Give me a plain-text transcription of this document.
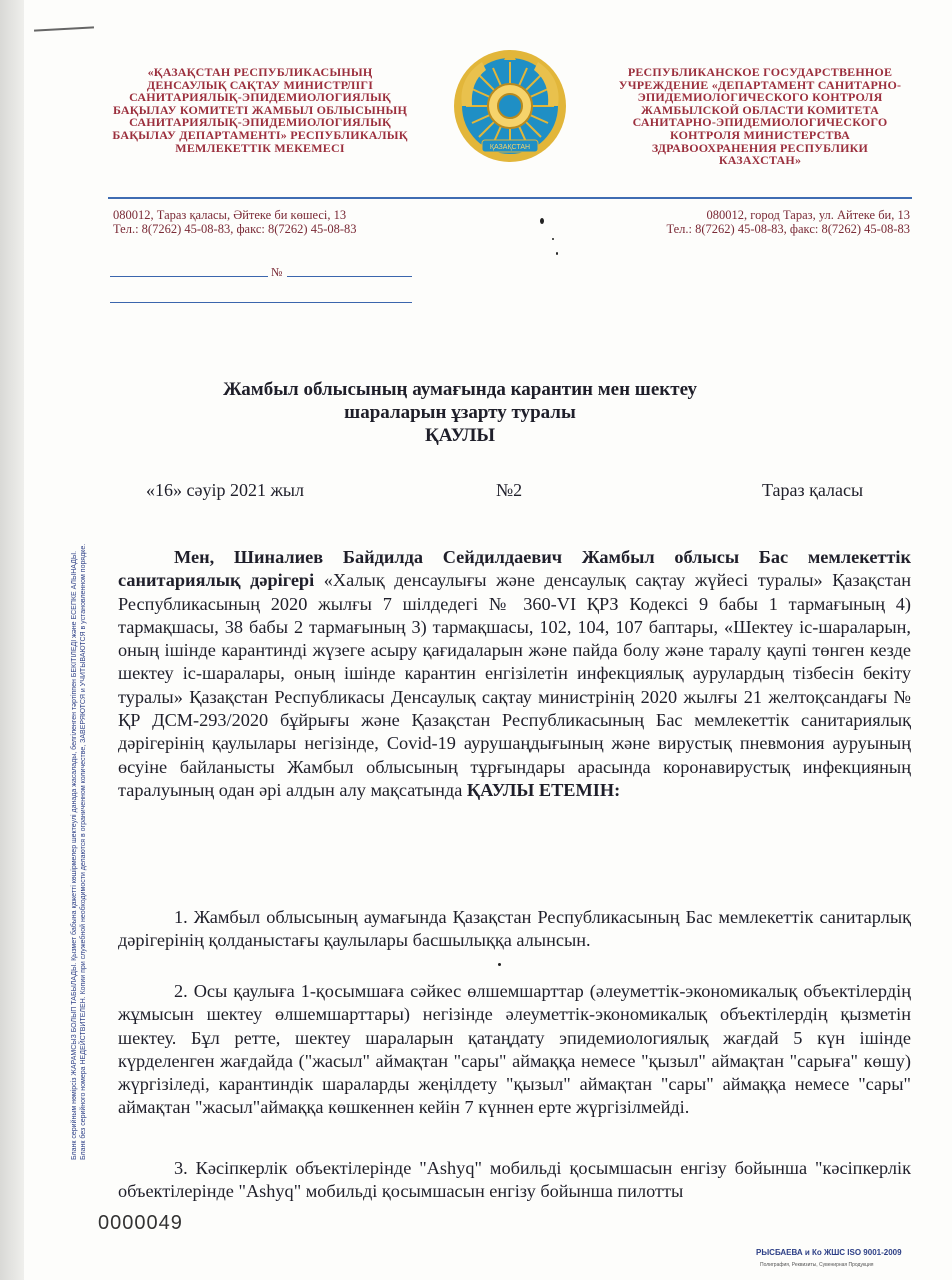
«ҚАЗАҚСТАН РЕСПУБЛИКАСЫНЫҢ ДЕНСАУЛЫҚ САҚТАУ МИНИСТРЛІГІ САНИТАРИЯЛЫҚ-ЭПИДЕМИОЛОГИЯЛЫҚ БАҚЫЛАУ КОМИТЕТІ ЖАМБЫЛ ОБЛЫСЫНЫҢ САНИТАРИЯЛЫҚ-ЭПИДЕМИОЛОГИЯЛЫҚ БАҚЫЛАУ ДЕПАРТАМЕНТІ» РЕСПУБЛИКАЛЫҚ МЕМЛЕКЕТТІК МЕКЕМЕСІ
РЕСПУБЛИКАНСКОЕ ГОСУДАРСТВЕННОЕ УЧРЕЖДЕНИЕ «ДЕПАРТАМЕНТ САНИТАРНО-ЭПИДЕМИОЛОГИЧЕСКОГО КОНТРОЛЯ ЖАМБЫЛСКОЙ ОБЛАСТИ КОМИТЕТА САНИТАРНО-ЭПИДЕМИОЛОГИЧЕСКОГО КОНТРОЛЯ МИНИСТЕРСТВА ЗДРАВООХРАНЕНИЯ РЕСПУБЛИКИ КАЗАХСТАН»
ҚАЗАҚСТАН
080012, Тараз қаласы, Әйтеке би көшесі, 13
Тел.: 8(7262) 45-08-83, факс: 8(7262) 45-08-83
080012, город Тараз, ул. Айтеке би, 13
Тел.: 8(7262) 45-08-83, факс: 8(7262) 45-08-83
№
Бланк серийным нөмірсіз ЖАРАМСЫЗ БОЛЫП ТАБЫЛАДЫ. Қызмет бабына қажетті көшірмелер шектеулі данада жасалады, белгіленген тәртіппен БЕКІТІЛЕДІ және ЕСЕПКЕ АЛЫНАДЫ. Бланк без серийного номера НЕДЕЙСТВИТЕЛЕН. Копии при служебной необходимости делаются в ограниченном количестве, ЗАВЕРЯЮТСЯ и УЧИТЫВАЮТСЯ в установленном порядке.
Жамбыл облысының аумағында карантин мен шектеу
шараларын ұзарту туралы
ҚАУЛЫ
«16» сәуір 2021 жыл	№2	Тараз қаласы
Мен, Шиналиев Байдилда Сейдилдаевич Жамбыл облысы Бас мемлекеттік санитариялық дәрігері «Халық денсаулығы және денсаулық сақтау жүйесі туралы» Қазақстан Республикасының 2020 жылғы 7 шілдедегі № 360-VI ҚРЗ Кодексі 9 бабы 1 тармағының 4) тармақшасы, 38 бабы 2 тармағының 3) тармақшасы, 102, 104, 107 баптары, «Шектеу іс-шараларын, оның ішінде карантинді жүзеге асыру қағидаларын және пайда болу және таралу қаупі төнген кезде шектеу іс-шаралары, оның ішінде карантин енгізілетін инфекциялық аурулардың тізбесін бекіту туралы» Қазақстан Республикасы Денсаулық сақтау министрінің 2020 жылғы 21 желтоқсандағы № ҚР ДСМ-293/2020 бұйрығы және Қазақстан Республикасының Бас мемлекеттік санитариялық дәрігерінің қаулылары негізінде, Covid-19 аурушаңдығының және вирустық пневмония ауруының өсуіне байланысты Жамбыл облысының тұрғындары арасында коронавирустық инфекцияның таралуының одан әрі алдын алу мақсатында ҚАУЛЫ ЕТЕМІН:
1. Жамбыл облысының аумағында Қазақстан Республикасының Бас мемлекеттік санитарлық дәрігерінің қолданыстағы қаулылары басшылыққа алынсын.
2. Осы қаулыға 1-қосымшаға сәйкес өлшемшарттар (әлеуметтік-экономикалық объектілердің жұмысын шектеу өлшемшарттары) негізінде әлеуметтік-экономикалық объектілердің қызметін шектеу. Бұл ретте, шектеу шараларын қатаңдату эпидемиологиялық жағдай 5 күн ішінде күрделенген жағдайда ("жасыл" аймақтан "сары" аймаққа немесе "қызыл" аймақтан "сарыға" көшу) жүргізіледі, карантиндік шараларды жеңілдету "қызыл" аймақтан "сары" аймаққа немесе "сары" аймақтан "жасыл"аймаққа көшкеннен кейін 7 күннен ерте жүргізілмейді.
3. Кәсіпкерлік объектілерінде "Ashyq" мобильді қосымшасын енгізу бойынша "кәсіпкерлік объектілерінде "Ashyq" мобильді қосымшасын енгізу бойынша пилотты
0000049
РЫСБАЕВА и Ко ЖШС ISO 9001-2009
Полиграфия, Реквизиты, Сувенирная Продукция
